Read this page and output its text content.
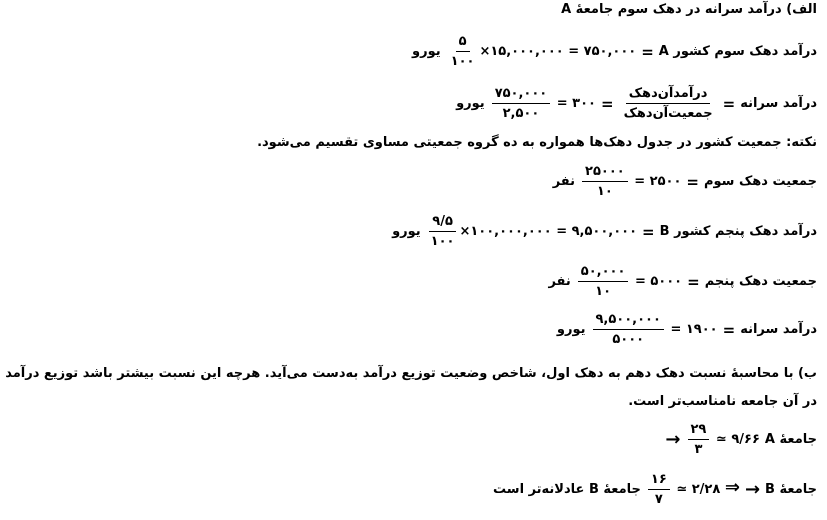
الف) درآمد سرانه در دهک سوم جامعهٔ A
درآمد دهک سوم کشور A
=
$\frac{۵}{۱۰۰}$ ×۱۵,۰۰۰,۰۰۰ = ۷۵۰,۰۰۰
یورو
درآمد سرانه
=
$\frac{\text{درآمدآن‌دهک}}{\text{جمعیت‌آن‌دهک}}$
=
$\frac{۷۵۰,۰۰۰}{۲,۵۰۰}$ = ۳۰۰
یورو
نکته: جمعیت کشور در جدول دهک‌ها همواره به ده گروه جمعیتی مساوی تقسیم می‌شود.
جمعیت دهک سوم
=
$\frac{۲۵۰۰۰}{۱۰}$ = ۲۵۰۰
نفر
درآمد دهک پنجم کشور B
=
$\frac{۹/۵}{۱۰۰}$ ×۱۰۰,۰۰۰,۰۰۰ = ۹,۵۰۰,۰۰۰
یورو
جمعیت دهک پنجم
=
$\frac{۵۰,۰۰۰}{۱۰}$ = ۵۰۰۰
نفر
درآمد سرانه
=
$\frac{۹,۵۰۰,۰۰۰}{۵۰۰۰}$ = ۱۹۰۰
یورو
ب) با محاسبهٔ نسبت دهک دهم به دهک اول، شاخص وضعیت توزیع درآمد به‌دست می‌آید. هرچه این نسبت بیشتر باشد توزیع درآمد در آن جامعه نامناسب‌تر است.
جامعهٔ A
$\frac{۲۹}{۳}$ ≃ ۹/۶۶
→
جامعهٔ B
→
$\frac{۱۶}{۷}$ ≃ ۲/۲۸ ⇒
جامعهٔ B عادلانه‌تر است
